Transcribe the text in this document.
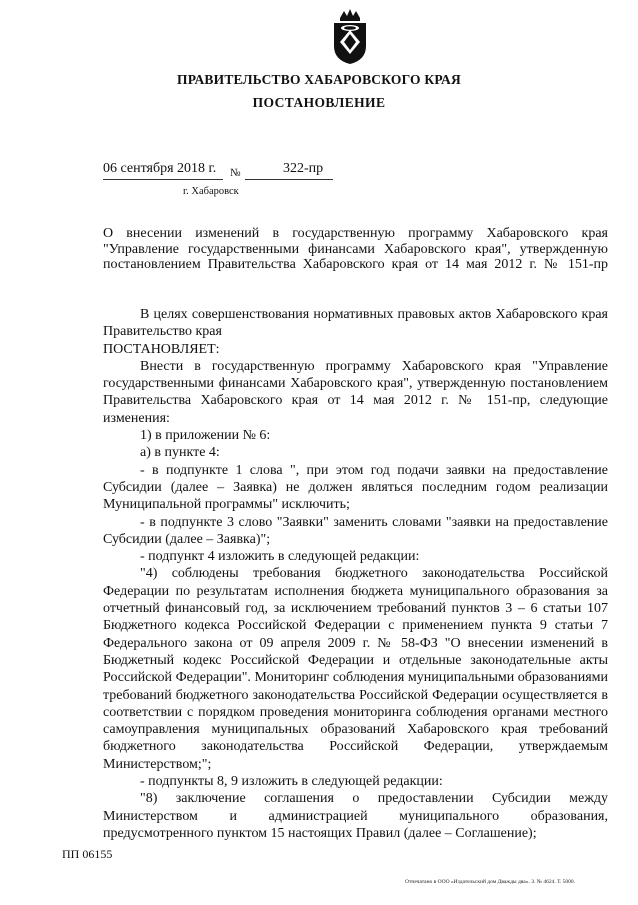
ПРАВИТЕЛЬСТВО ХАБАРОВСКОГО КРАЯ
ПОСТАНОВЛЕНИЕ
06 сентября 2018 г. №	322-пр
г. Хабаровск
О внесении изменений в государственную программу Хабаровского края
"Управление государственными финансами Хабаровского края", утвержденную
постановлением Правительства Хабаровского края от 14 мая 2012 г. № 151-пр

В целях совершенствования нормативных правовых актов Хабаровского края Правительство края

ПОСТАНОВЛЯЕТ:

Внести в государственную программу Хабаровского края "Управление государственными финансами Хабаровского края", утвержденную постановлением Правительства Хабаровского края от 14 мая 2012 г. № 151-пр, следующие изменения:

1) в приложении № 6:

а) в пункте 4:

- в подпункте 1 слова ", при этом год подачи заявки на предоставление Субсидии (далее – Заявка) не должен являться последним годом реализации Муниципальной программы" исключить;

- в подпункте 3 слово "Заявки" заменить словами "заявки на предоставление Субсидии (далее – Заявка)";

- подпункт 4 изложить в следующей редакции:

"4) соблюдены требования бюджетного законодательства Российской Федерации по результатам исполнения бюджета муниципального образования за отчетный финансовый год, за исключением требований пунктов 3 – 6 статьи 107 Бюджетного кодекса Российской Федерации с применением пункта 9 статьи 7 Федерального закона от 09 апреля 2009 г. № 58-ФЗ "О внесении изменений в Бюджетный кодекс Российской Федерации и отдельные законодательные акты Российской Федерации". Мониторинг соблюдения муниципальными образованиями требований бюджетного законодательства Российской Федерации осуществляется в соответствии с порядком проведения мониторинга соблюдения органами местного самоуправления муниципальных образований Хабаровского края требований бюджетного законодательства Российской Федерации, утверждаемым Министерством;";

- подпункты 8, 9 изложить в следующей редакции:

"8) заключение соглашения о предоставлении Субсидии между Министерством и администрацией муниципального образования, предусмотренного пунктом 15 настоящих Правил (далее – Соглашение);

ПП 06155
Отпечатано в ООО «Издательский дом Дважды два». З. № 4624. Т. 5000.
